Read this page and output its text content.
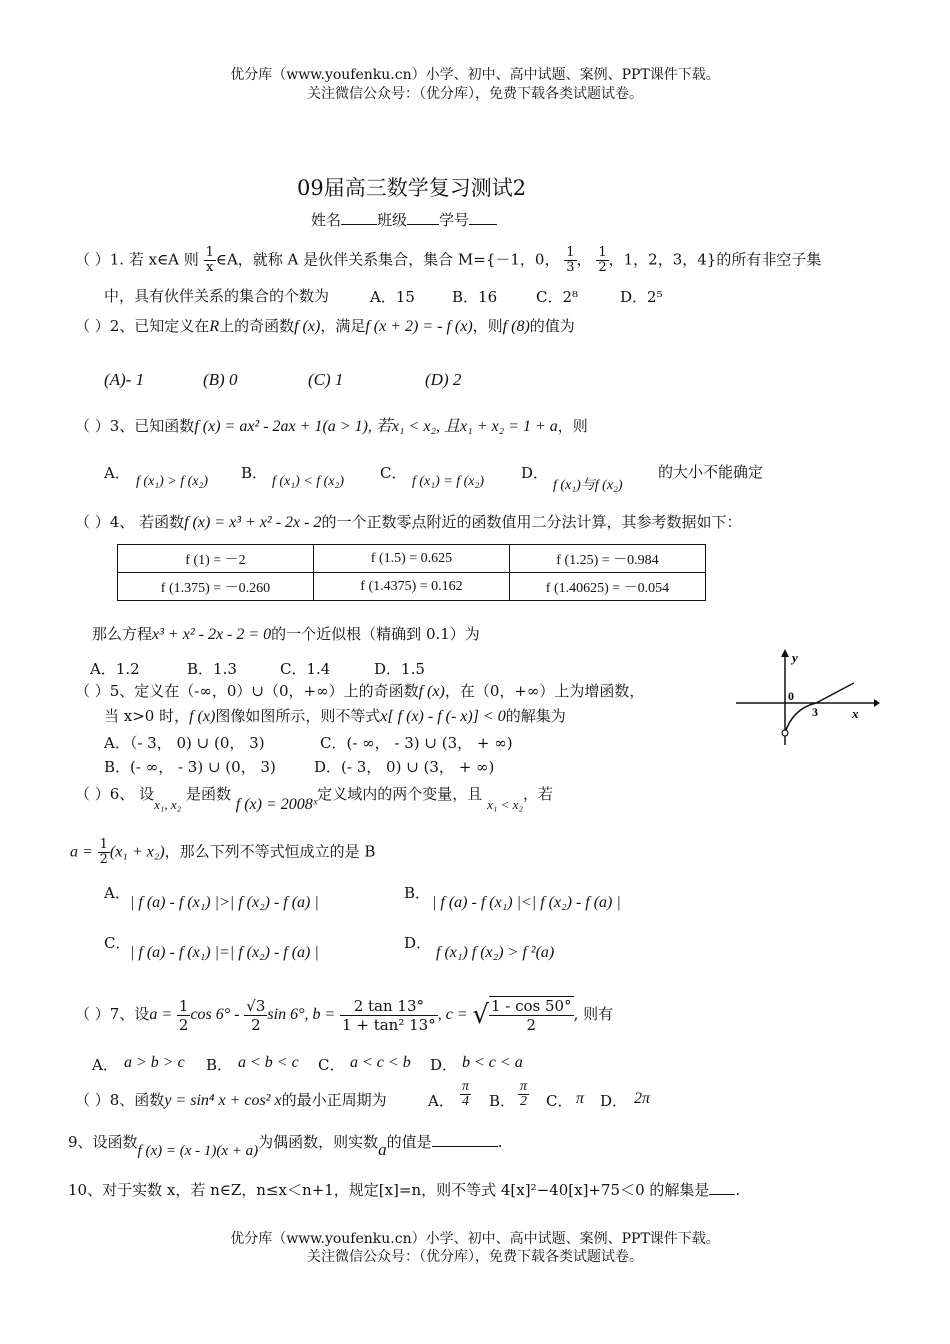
优分库（www.youfenku.cn）小学、初中、高中试题、案例、PPT课件下载。
关注微信公众号：（优分库），免费下载各类试题试卷。
09届高三数学复习测试2
姓名 班级 学号
（ ）1. 若 x∈A 则 $\frac{1}{x}$ ∈A，就称 A 是伙伴关系集合，集合 M={－1，0， $\frac{1}{3}$ ， $\frac{1}{2}$ ，1，2，3，4}的所有非空子集
中，具有伙伴关系的集合的个数为	A．15 B．16	C．2⁸	D．2⁵
（ ）2、已知定义在R上的奇函数f (x)，满足f (x + 2) = - f (x)，则f (8)的值为
(A)- 1	(B) 0	(C) 1	(D) 2
（ ）3、已知函数f (x) = ax² - 2ax + 1(a > 1), 若x₁ < x₂, 且x₁ + x₂ = 1 + a，则
A． f (x₁) > f (x₂) B． f (x₁) < f (x₂) C． f (x₁) = f (x₂) D．
f (x₁)与f (x₂)
的大小不能确定
（ ）4、 若函数f (x) = x³ + x² - 2x - 2的一个正数零点附近的函数值用二分法计算，其参考数据如下：
f (1) = －2	f (1.5) = 0.625	f (1.25) = －0.984
f (1.375) = －0.260	f (1.4375) = 0.162	f (1.40625) = －0.054
那么方程x³ + x² - 2x - 2 = 0的一个近似根（精确到 0.1）为
A．1.2	B．1.3	C．1.4	D．1.5
（ ）5、定义在（-∞，0）∪（0，+∞）上的奇函数f (x)，在（0，+∞）上为增函数，
当 x>0 时，f (x)图像如图所示，则不等式x[ f (x) - f (- x)] < 0的解集为
A．（- 3， 0) ∪ (0， 3)	C．(- ∞， - 3) ∪ (3， + ∞)
B．(- ∞， - 3) ∪ (0， 3)	D．(- 3， 0) ∪ (3， + ∞)
y
0
3	x
（ ）6、 设x₁, x₂ 是函数 f (x) = 2008ˣ定义域内的两个变量，且 x₁ < x₂，若
$a = \frac{1}{2} (x_1 + x_2)$，那么下列不等式恒成立的是 B
A．
| f (a) - f (x₁) |>| f (x₂) - f (a) |
B．
| f (a) - f (x₁) |<| f (x₂) - f (a) |
C．
| f (a) - f (x₁) |=| f (x₂) - f (a) |
D．
f (x₁) f (x₂) > f ²(a)
（ ）7、设$a = \frac{1}{2}$ $\cos 6^\circ - \frac{√3}{2}$ sin 6°, $b = \frac{2 \tan 13^\circ}{\text{1 + tan² 13°}}$ , c = √ $\frac{1 - \cos 50^\circ}{2}$ , 则有
A． a > b > c B． a < b < c C． a < c < b D． b < c < a
（ ）8、函数y = sin⁴ x + cos² x的最小正周期为	A． $\frac{\pi}{4}$ B． $\frac{\pi}{2}$ C． π D． 2π
9、设函数f (x) = (x - 1)(x + a)为偶函数，则实数a的值是	.
10、对于实数 x，若 n∈Z，n≤x＜n+1，规定[x]=n，则不等式 4[x]²−40[x]+75＜0 的解集是 .
优分库（www.youfenku.cn）小学、初中、高中试题、案例、PPT课件下载。
关注微信公众号：（优分库），免费下载各类试题试卷。
